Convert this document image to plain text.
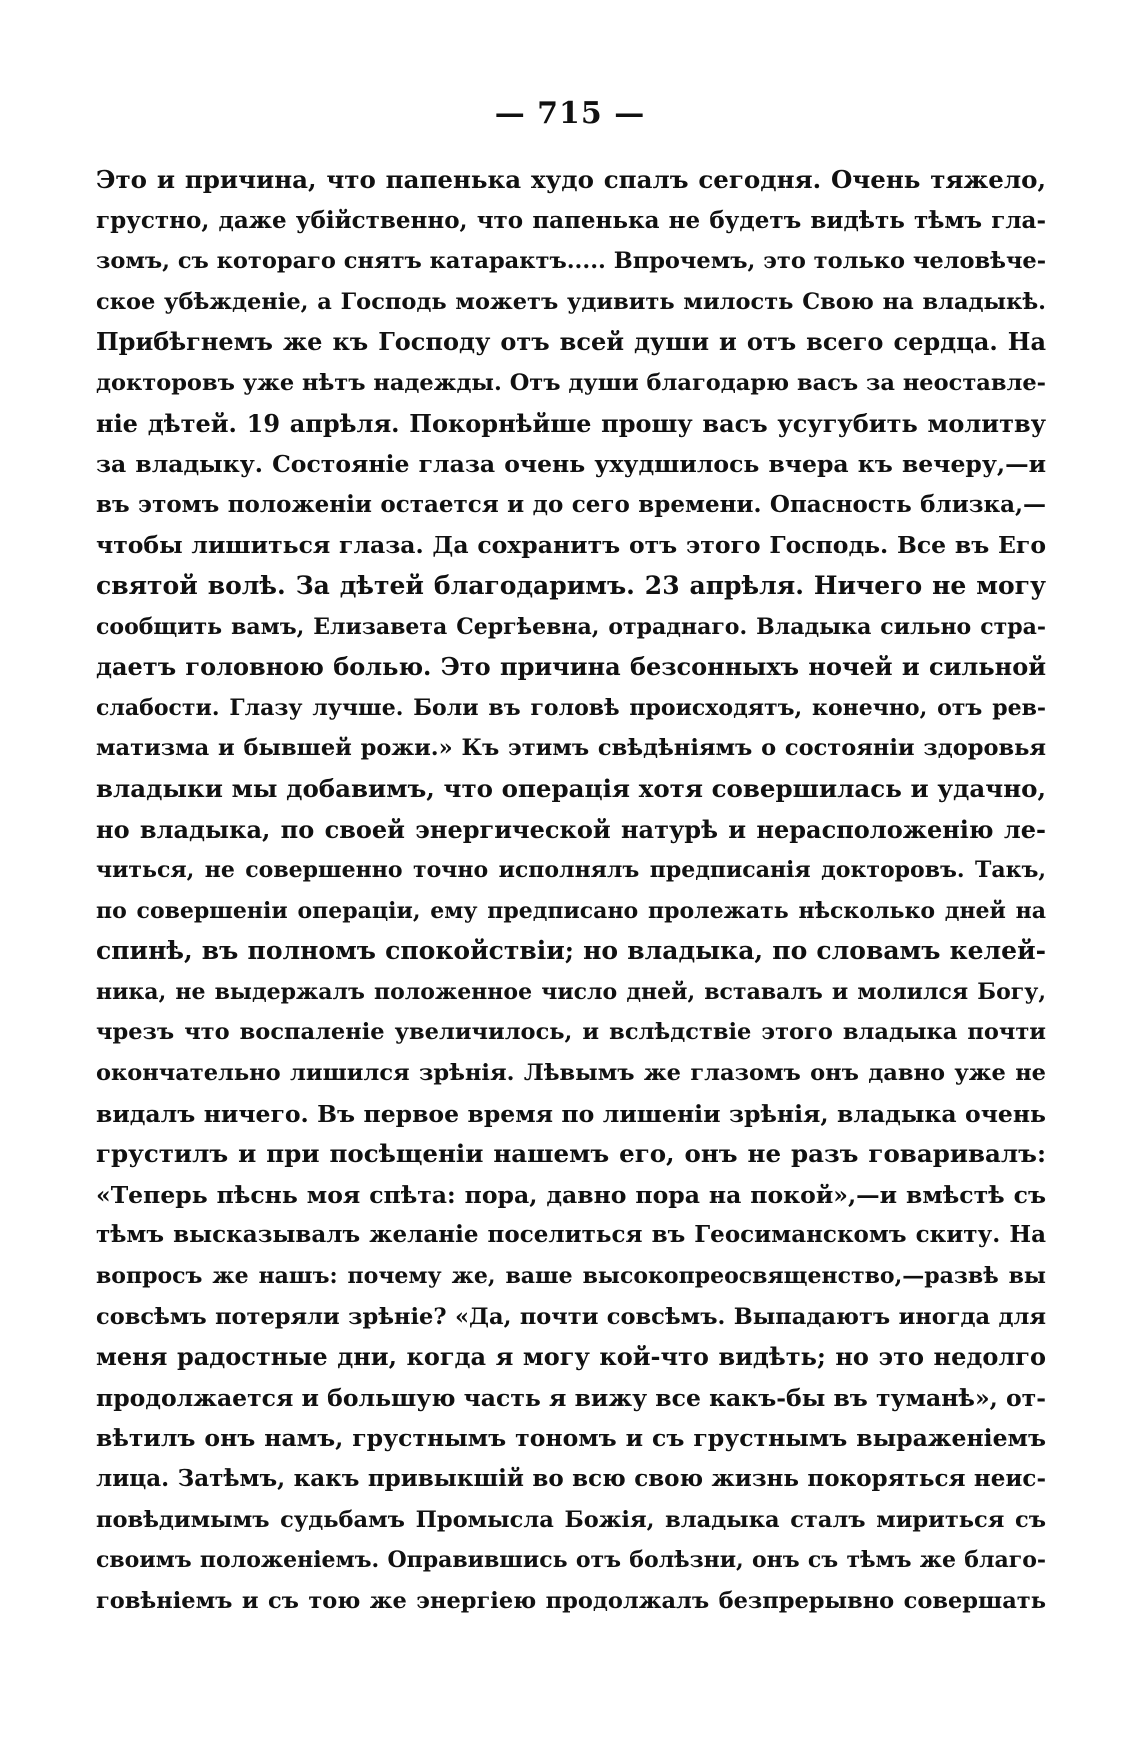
— 715 —
Это и причина, что папенька худо спалъ сегодня. Очень тяжело,
грустно, даже убійственно, что папенька не будетъ видѣть тѣмъ гла-
зомъ, съ котораго снятъ катарактъ..... Впрочемъ, это только человѣче-
ское убѣжденіе, а Господь можетъ удивить милость Свою на владыкѣ.
Прибѣгнемъ же къ Господу отъ всей души и отъ всего сердца. На
докторовъ уже нѣтъ надежды. Отъ души благодарю васъ за неоставле-
ніе дѣтей. 19 апрѣля. Покорнѣйше прошу васъ усугубить молитву
за владыку. Состояніе глаза очень ухудшилось вчера къ вечеру,—и
въ этомъ положеніи остается и до сего времени. Опасность близка,—
чтобы лишиться глаза. Да сохранитъ отъ этого Господь. Все въ Его
святой волѣ. За дѣтей благодаримъ. 23 апрѣля. Ничего не могу
сообщить вамъ, Елизавета Сергѣевна, отраднаго. Владыка сильно стра-
даетъ головною болью. Это причина безсонныхъ ночей и сильной
слабости. Глазу лучше. Боли въ головѣ происходятъ, конечно, отъ рев-
матизма и бывшей рожи.» Къ этимъ свѣдѣніямъ о состояніи здоровья
владыки мы добавимъ, что операція хотя совершилась и удачно,
но владыка, по своей энергической натурѣ и нерасположенію ле-
читься, не совершенно точно исполнялъ предписанія докторовъ. Такъ,
по совершеніи операціи, ему предписано пролежать нѣсколько дней на
спинѣ, въ полномъ спокойствіи; но владыка, по словамъ келей-
ника, не выдержалъ положенное число дней, вставалъ и молился Богу,
чрезъ что воспаленіе увеличилось, и вслѣдствіе этого владыка почти
окончательно лишился зрѣнія. Лѣвымъ же глазомъ онъ давно уже не
видалъ ничего. Въ первое время по лишеніи зрѣнія, владыка очень
грустилъ и при посѣщеніи нашемъ его, онъ не разъ говаривалъ:
«Теперь пѣснь моя спѣта: пора, давно пора на покой»,—и вмѣстѣ съ
тѣмъ высказывалъ желаніе поселиться въ Геосиманскомъ скиту. На
вопросъ же нашъ: почему же, ваше высокопреосвященство,—развѣ вы
совсѣмъ потеряли зрѣніе? «Да, почти совсѣмъ. Выпадаютъ иногда для
меня радостные дни, когда я могу кой-что видѣть; но это недолго
продолжается и большую часть я вижу все какъ-бы въ туманѣ», от-
вѣтилъ онъ намъ, грустнымъ тономъ и съ грустнымъ выраженіемъ
лица. Затѣмъ, какъ привыкшій во всю свою жизнь покоряться неис-
повѣдимымъ судьбамъ Промысла Божія, владыка сталъ мириться съ
своимъ положеніемъ. Оправившись отъ болѣзни, онъ съ тѣмъ же благо-
говѣніемъ и съ тою же энергіею продолжалъ безпрерывно совершать
